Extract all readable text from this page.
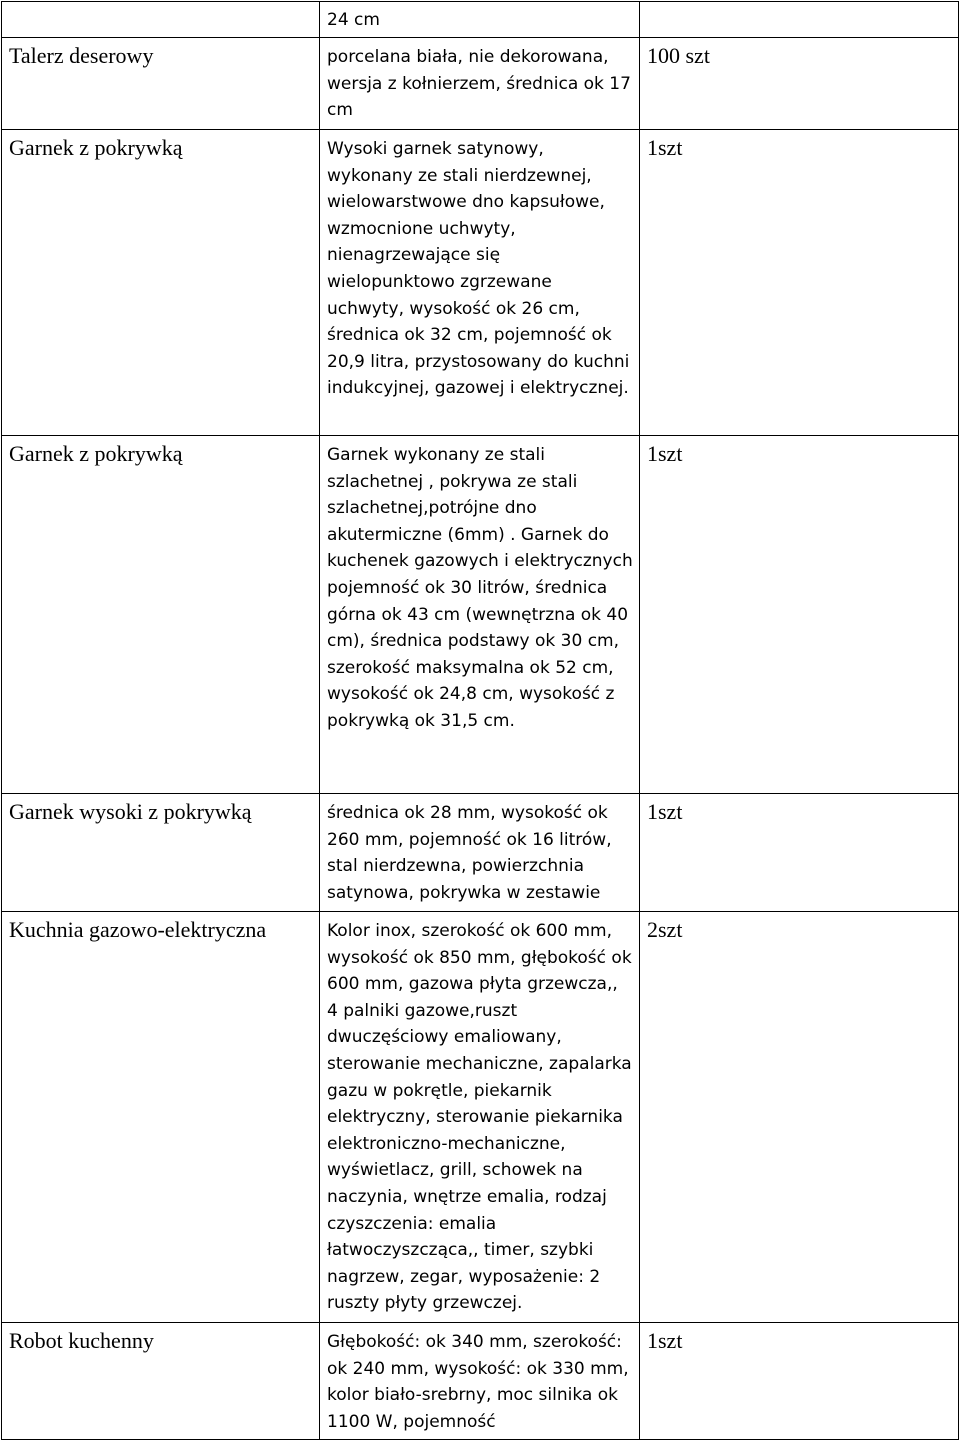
	24 cm	

Talerz deserowy	porcelana biała, nie dekorowana, wersja z kołnierzem, średnica ok 17 cm	100 szt

Garnek z pokrywką	Wysoki garnek satynowy, wykonany ze stali nierdzewnej, wielowarstwowe dno kapsułowe, wzmocnione uchwyty, nienagrzewające się wielopunktowo zgrzewane uchwyty, wysokość ok 26 cm, średnica ok 32 cm, pojemność ok 20,9 litra, przystosowany do kuchni indukcyjnej, gazowej i elektrycznej.	1szt

Garnek z pokrywką	Garnek wykonany ze stali szlachetnej , pokrywa ze stali szlachetnej,potrójne dno akutermiczne (6mm) . Garnek do kuchenek gazowych i elektrycznych pojemność ok 30 litrów, średnica górna ok 43 cm (wewnętrzna ok 40 cm), średnica podstawy ok 30 cm, szerokość maksymalna ok 52 cm, wysokość ok 24,8 cm, wysokość z pokrywką ok 31,5 cm.	1szt

Garnek wysoki z pokrywką	średnica ok 28 mm, wysokość ok 260 mm, pojemność ok 16 litrów, stal nierdzewna, powierzchnia satynowa, pokrywka w zestawie	1szt

Kuchnia gazowo-elektryczna	Kolor inox, szerokość ok 600 mm, wysokość ok 850 mm, głębokość ok 600 mm, gazowa płyta grzewcza,, 4 palniki gazowe,ruszt dwuczęściowy emaliowany, sterowanie mechaniczne, zapalarka gazu w pokrętle, piekarnik elektryczny, sterowanie piekarnika elektroniczno-mechaniczne, wyświetlacz, grill, schowek na naczynia, wnętrze emalia, rodzaj czyszczenia: emalia łatwoczyszcząca,, timer, szybki nagrzew, zegar, wyposażenie: 2 ruszty płyty grzewczej.	2szt

Robot kuchenny	Głębokość: ok 340 mm, szerokość: ok 240 mm, wysokość: ok 330 mm, kolor biało-srebrny, moc silnika ok 1100 W, pojemność	1szt
